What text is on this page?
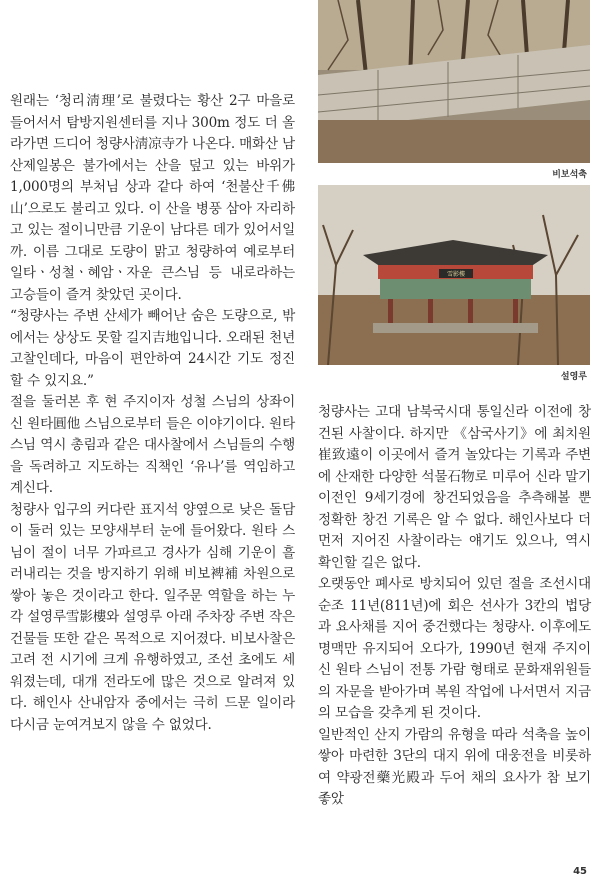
비보석축
雪影樓
설영루

원래는 ‘청리淸理’로 불렸다는 황산 2구 마을로 들어서서 탐방지원센터를 지나 300m 정도 더 올라가면 드디어 청량사淸凉寺가 나온다. 매화산 남산제일봉은 불가에서는 산을 덮고 있는 바위가 1,000명의 부처님 상과 같다 하여 ‘천불산千佛山’으로도 불리고 있다. 이 산을 병풍 삼아 자리하고 있는 절이니만큼 기운이 남다른 데가 있어서일까. 이름 그대로 도량이 맑고 청량하여 예로부터 일타ㆍ성철ㆍ혜암ㆍ자운 큰스님 등 내로라하는 고승들이 즐겨 찾았던 곳이다.

“청량사는 주변 산세가 빼어난 숨은 도량으로, 밖에서는 상상도 못할 길지吉地입니다. 오래된 천년고찰인데다, 마음이 편안하여 24시간 기도 정진할 수 있지요.”

절을 둘러본 후 현 주지이자 성철 스님의 상좌이신 원타圓他 스님으로부터 들은 이야기이다. 원타 스님 역시 총림과 같은 대사찰에서 스님들의 수행을 독려하고 지도하는 직책인 ‘유나’를 역임하고 계신다.

청량사 입구의 커다란 표지석 양옆으로 낮은 돌담이 둘러 있는 모양새부터 눈에 들어왔다. 원타 스님이 절이 너무 가파르고 경사가 심해 기운이 흘러내리는 것을 방지하기 위해 비보裨補 차원으로 쌓아 놓은 것이라고 한다. 일주문 역할을 하는 누각 설영루雪影樓와 설영루 아래 주차장 주변 작은 건물들 또한 같은 목적으로 지어졌다. 비보사찰은 고려 전 시기에 크게 유행하였고, 조선 초에도 세워졌는데, 대개 전라도에 많은 것으로 알려져 있다. 해인사 산내암자 중에서는 극히 드문 일이라 다시금 눈여겨보지 않을 수 없었다.

청량사는 고대 남북국시대 통일신라 이전에 창건된 사찰이다. 하지만 《삼국사기》에 최치원崔致遠이 이곳에서 즐겨 놀았다는 기록과 주변에 산재한 다양한 석물石物로 미루어 신라 말기 이전인 9세기경에 창건되었음을 추측해볼 뿐 정확한 창건 기록은 알 수 없다. 해인사보다 더 먼저 지어진 사찰이라는 얘기도 있으나, 역시 확인할 길은 없다.

오랫동안 폐사로 방치되어 있던 절을 조선시대 순조 11년(811년)에 회은 선사가 3칸의 법당과 요사채를 지어 중건했다는 청량사. 이후에도 명맥만 유지되어 오다가, 1990년 현재 주지이신 원타 스님이 전통 가람 형태로 문화재위원들의 자문을 받아가며 복원 작업에 나서면서 지금의 모습을 갖추게 된 것이다.

일반적인 산지 가람의 유형을 따라 석축을 높이 쌓아 마련한 3단의 대지 위에 대웅전을 비롯하여 약광전藥光殿과 두어 채의 요사가 참 보기 좋았

45
